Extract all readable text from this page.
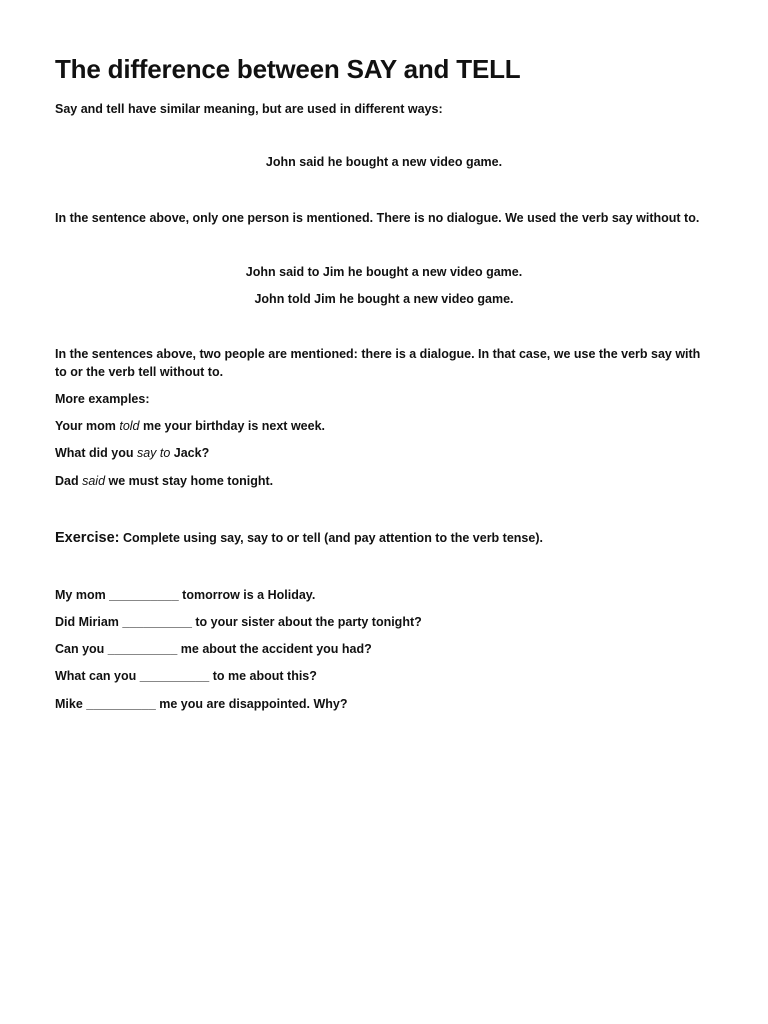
The difference between SAY and TELL
Say and tell have similar meaning, but are used in different ways:
John said he bought a new video game.
In the sentence above, only one person is mentioned. There is no dialogue. We used the verb say without to.
John said to Jim he bought a new video game.
John told Jim he bought a new video game.
In the sentences above, two people are mentioned: there is a dialogue. In that case, we use the verb say with to or the verb tell without to.
More examples:
Your mom told me your birthday is next week.
What did you say to Jack?
Dad said we must stay home tonight.
Exercise: Complete using say, say to or tell (and pay attention to the verb tense).
My mom __________ tomorrow is a Holiday.
Did Miriam __________ to your sister about the party tonight?
Can you __________ me about the accident you had?
What can you __________ to me about this?
Mike __________ me you are disappointed. Why?
